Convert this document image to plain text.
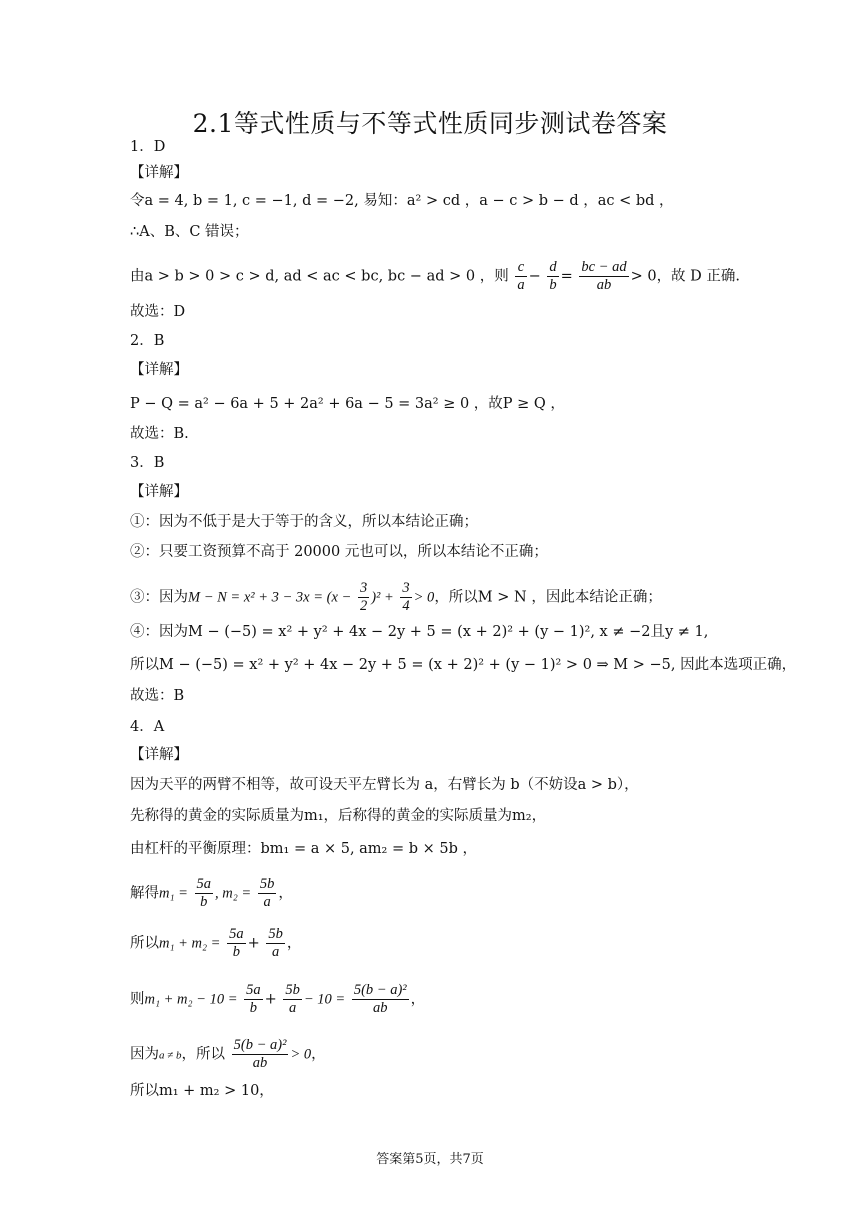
2.1等式性质与不等式性质同步测试卷答案
1．D
【详解】
令a = 4, b = 1, c = −1, d = −2, 易知：a² > cd ，a − c > b − d ，ac < bd ，
∴A、B、C 错误；
由a > b > 0 > c > d, ad < ac < bc, bc − ad > 0 ，则 $\frac{c}{a} - \frac{d}{b} = \frac{bc - ad}{ab} > 0$，故 D 正确.
故选：D
2．B
【详解】
P − Q = a² − 6a + 5 + 2a² + 6a − 5 = 3a² ≥ 0 ，故P ≥ Q ，
故选：B.
3．B
【详解】
①：因为不低于是大于等于的含义，所以本结论正确；
②：只要工资预算不高于 20000 元也可以，所以本结论不正确；
③：因为$M - N = x^2 + 3 - 3x = (x - \frac{3}{2} )^2 + \frac{3}{4} > 0$，所以M > N ，因此本结论正确；
④：因为M − (−5) = x² + y² + 4x − 2y + 5 = (x + 2)² + (y − 1)², x ≠ −2且y ≠ 1,
所以M − (−5) = x² + y² + 4x − 2y + 5 = (x + 2)² + (y − 1)² > 0 ⇒ M > −5, 因此本选项正确，
故选：B
4．A
【详解】
因为天平的两臂不相等，故可设天平左臂长为 a，右臂长为 b（不妨设a > b），
先称得的黄金的实际质量为m₁，后称得的黄金的实际质量为m₂，
由杠杆的平衡原理：bm₁ = a × 5, am₂ = b × 5b ，
解得$m_1 = \frac{5a}{b}$ , $m_2 = \frac{5b}{a}$ ，
所以$m_1 + m_2 = \frac{5a}{b} + \frac{5b}{a}$ ，
则$m_1 + m_2 - 10 = \frac{5a}{b} + \frac{5b}{a} - 10 = \frac{\text{5(b − a)²}}{ab}$ ，
因为a ≠ b，所以 $\frac{\text{5(b − a)²}}{ab} > 0$，
所以m₁ + m₂ > 10，
答案第5页，共7页
